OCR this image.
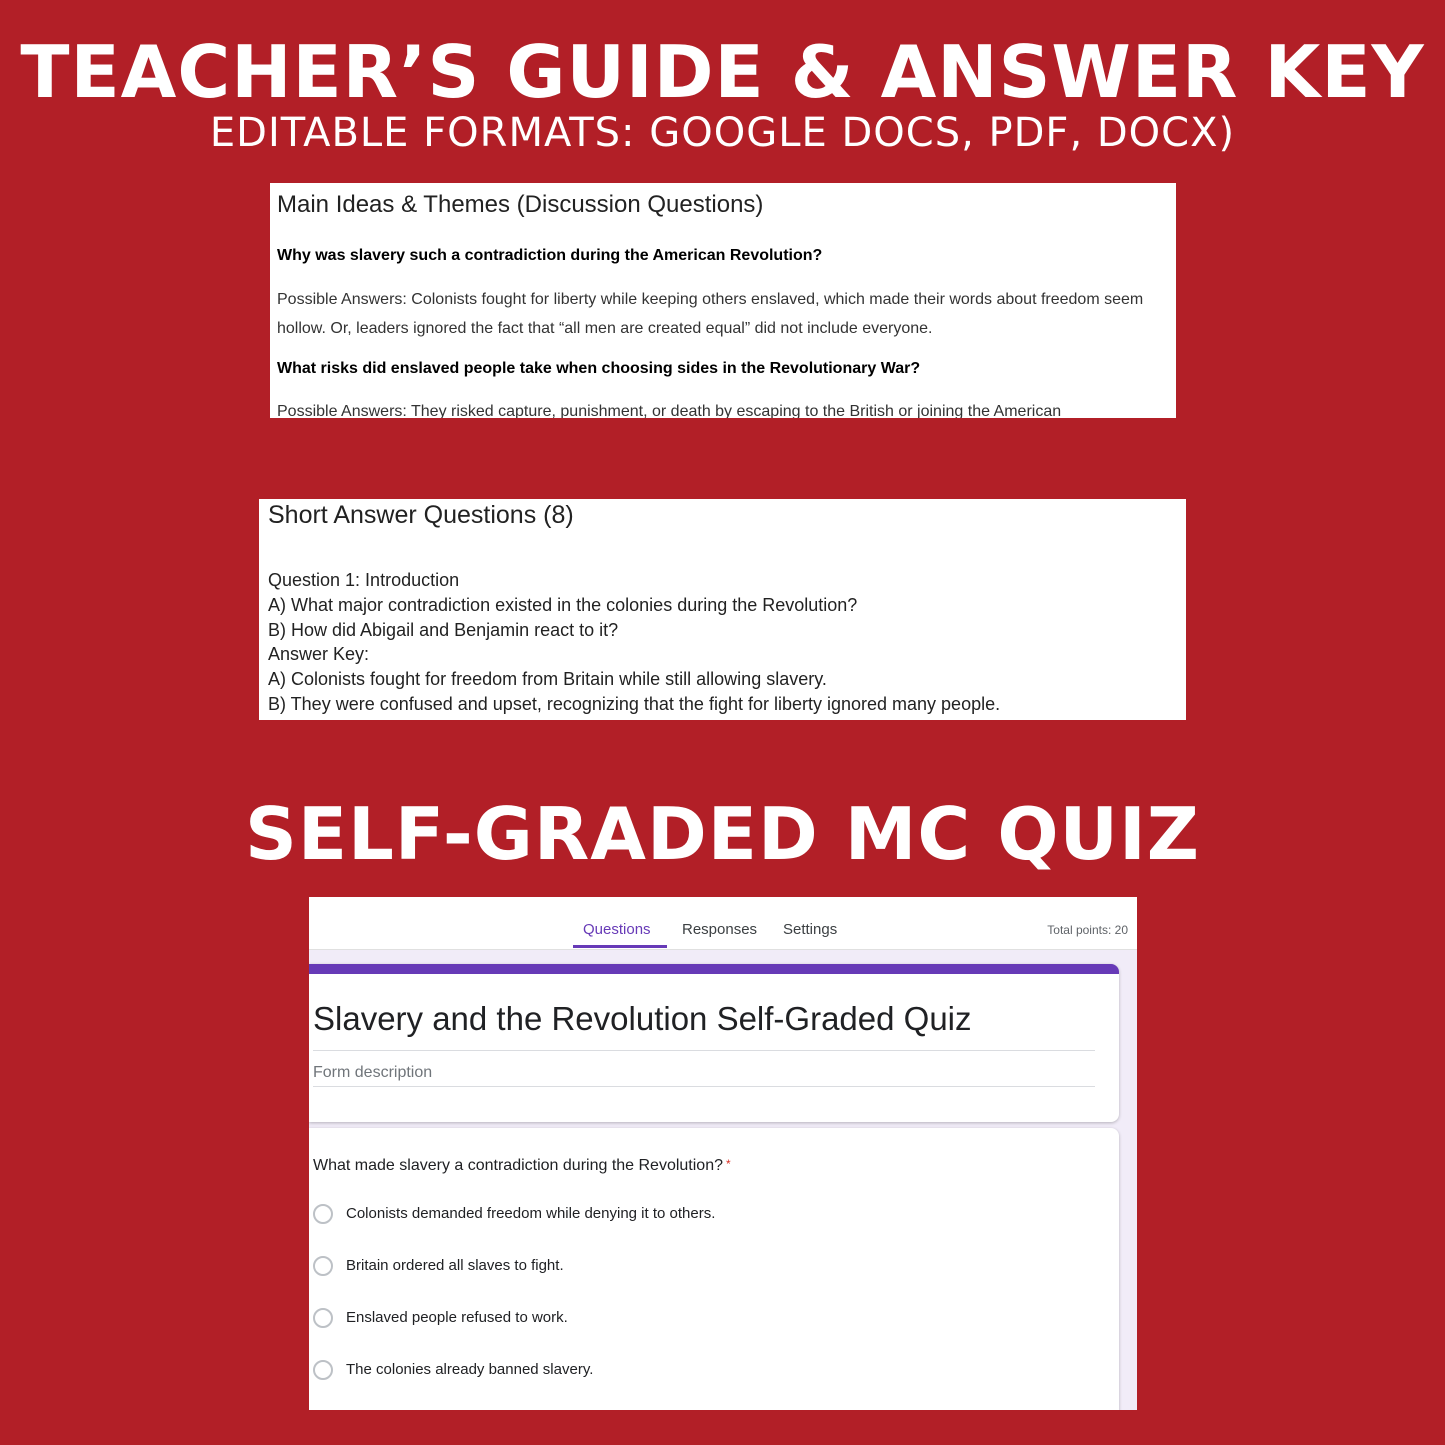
TEACHER’S GUIDE & ANSWER KEY
EDITABLE FORMATS: GOOGLE DOCS, PDF, DOCX)
Main Ideas & Themes (Discussion Questions)
Why was slavery such a contradiction during the American Revolution?
Possible Answers: Colonists fought for liberty while keeping others enslaved, which made their words about freedom seem hollow. Or, leaders ignored the fact that “all men are created equal” did not include everyone.
What risks did enslaved people take when choosing sides in the Revolutionary War?
Possible Answers: They risked capture, punishment, or death by escaping to the British or joining the American
Short Answer Questions (8)
Question 1: Introduction
A) What major contradiction existed in the colonies during the Revolution?
B) How did Abigail and Benjamin react to it?
Answer Key:
A) Colonists fought for freedom from Britain while still allowing slavery.
B) They were confused and upset, recognizing that the fight for liberty ignored many people.
SELF-GRADED MC QUIZ
Questions Responses Settings	Total points: 20
Slavery and the Revolution Self-Graded Quiz
Form description
What made slavery a contradiction during the Revolution? *
Colonists demanded freedom while denying it to others.
Britain ordered all slaves to fight.
Enslaved people refused to work.
The colonies already banned slavery.
